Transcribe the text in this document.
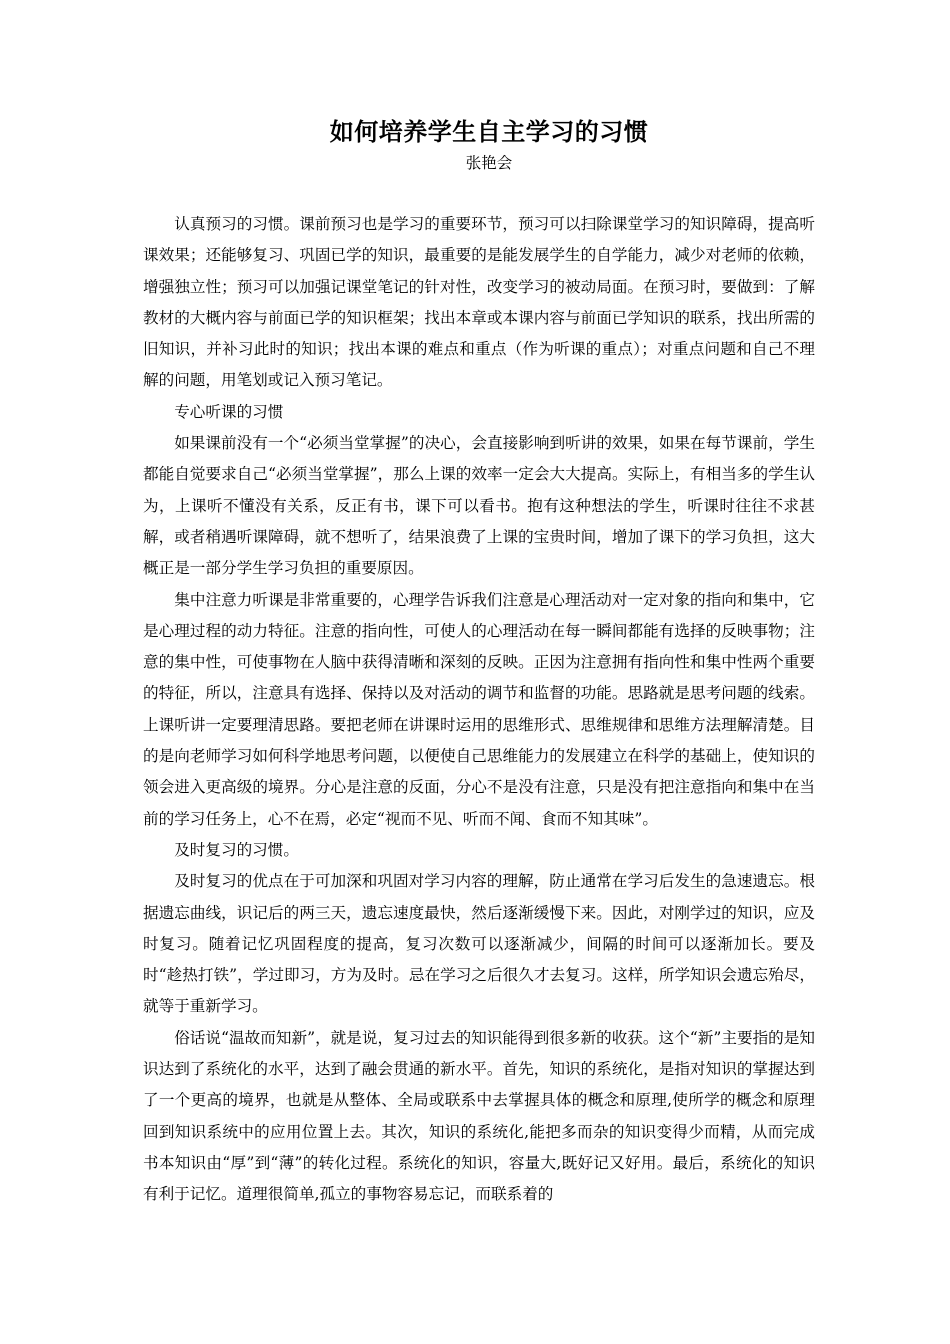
如何培养学生自主学习的习惯
张艳会

认真预习的习惯。课前预习也是学习的重要环节，预习可以扫除课堂学习的知识障碍，提高听课效果；还能够复习、巩固已学的知识，最重要的是能发展学生的自学能力，减少对老师的依赖，增强独立性；预习可以加强记课堂笔记的针对性，改变学习的被动局面。在预习时，要做到：了解教材的大概内容与前面已学的知识框架；找出本章或本课内容与前面已学知识的联系，找出所需的旧知识，并补习此时的知识；找出本课的难点和重点（作为听课的重点）；对重点问题和自己不理解的问题，用笔划或记入预习笔记。

专心听课的习惯

如果课前没有一个“必须当堂掌握”的决心，会直接影响到听讲的效果，如果在每节课前，学生都能自觉要求自己“必须当堂掌握”，那么上课的效率一定会大大提高。实际上，有相当多的学生认为，上课听不懂没有关系，反正有书，课下可以看书。抱有这种想法的学生，听课时往往不求甚解，或者稍遇听课障碍，就不想听了，结果浪费了上课的宝贵时间，增加了课下的学习负担，这大概正是一部分学生学习负担的重要原因。

集中注意力听课是非常重要的，心理学告诉我们注意是心理活动对一定对象的指向和集中，它是心理过程的动力特征。注意的指向性，可使人的心理活动在每一瞬间都能有选择的反映事物；注意的集中性，可使事物在人脑中获得清晰和深刻的反映。正因为注意拥有指向性和集中性两个重要的特征，所以，注意具有选择、保持以及对活动的调节和监督的功能。思路就是思考问题的线索。上课听讲一定要理清思路。要把老师在讲课时运用的思维形式、思维规律和思维方法理解清楚。目的是向老师学习如何科学地思考问题，以便使自己思维能力的发展建立在科学的基础上，使知识的领会进入更高级的境界。分心是注意的反面，分心不是没有注意，只是没有把注意指向和集中在当前的学习任务上，心不在焉，必定“视而不见、听而不闻、食而不知其味”。

及时复习的习惯。

及时复习的优点在于可加深和巩固对学习内容的理解，防止通常在学习后发生的急速遗忘。根据遗忘曲线，识记后的两三天，遗忘速度最快，然后逐渐缓慢下来。因此，对刚学过的知识，应及时复习。随着记忆巩固程度的提高，复习次数可以逐渐减少，间隔的时间可以逐渐加长。要及时“趁热打铁”，学过即习，方为及时。忌在学习之后很久才去复习。这样，所学知识会遗忘殆尽，就等于重新学习。

俗话说“温故而知新”，就是说，复习过去的知识能得到很多新的收获。这个“新”主要指的是知识达到了系统化的水平，达到了融会贯通的新水平。首先，知识的系统化，是指对知识的掌握达到了一个更高的境界，也就是从整体、全局或联系中去掌握具体的概念和原理,使所学的概念和原理回到知识系统中的应用位置上去。其次，知识的系统化,能把多而杂的知识变得少而精，从而完成书本知识由“厚”到“薄”的转化过程。系统化的知识，容量大,既好记又好用。最后，系统化的知识有利于记忆。道理很简单,孤立的事物容易忘记，而联系着的
